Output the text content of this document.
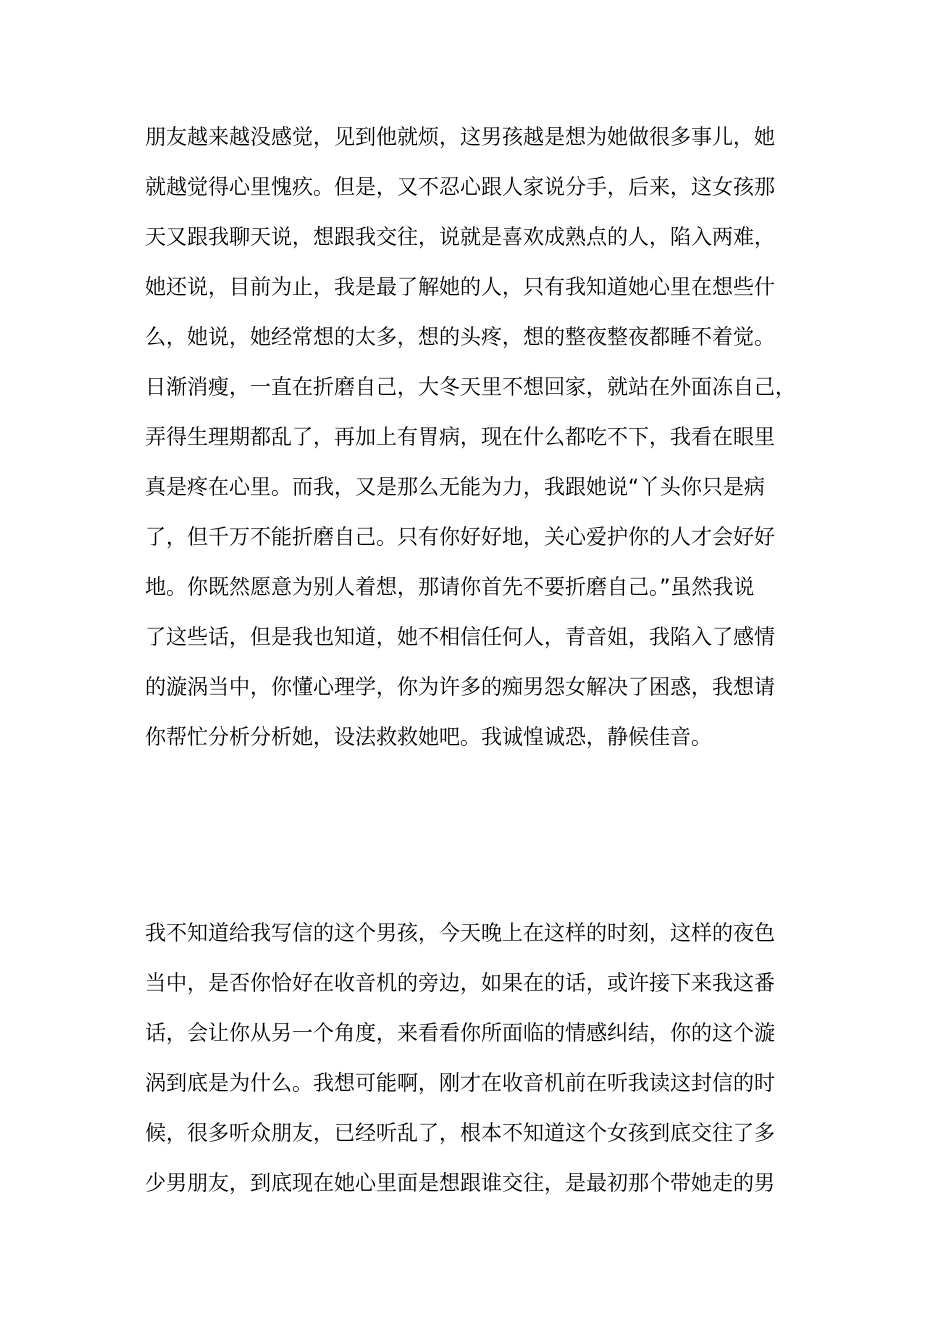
朋友越来越没感觉，见到他就烦，这男孩越是想为她做很多事儿，她
就越觉得心里愧疚。但是，又不忍心跟人家说分手，后来，这女孩那
天又跟我聊天说，想跟我交往，说就是喜欢成熟点的人，陷入两难，
她还说，目前为止，我是最了解她的人，只有我知道她心里在想些什
么，她说，她经常想的太多，想的头疼，想的整夜整夜都睡不着觉。
日渐消瘦，一直在折磨自己，大冬天里不想回家，就站在外面冻自己，
弄得生理期都乱了，再加上有胃病，现在什么都吃不下，我看在眼里
真是疼在心里。而我，又是那么无能为力，我跟她说“丫头你只是病
了，但千万不能折磨自己。只有你好好地，关心爱护你的人才会好好
地。你既然愿意为别人着想，那请你首先不要折磨自己。”虽然我说
了这些话，但是我也知道，她不相信任何人，青音姐，我陷入了感情
的漩涡当中，你懂心理学，你为许多的痴男怨女解决了困惑，我想请
你帮忙分析分析她，设法救救她吧。我诚惶诚恐，静候佳音。
我不知道给我写信的这个男孩，今天晚上在这样的时刻，这样的夜色
当中，是否你恰好在收音机的旁边，如果在的话，或许接下来我这番
话，会让你从另一个角度，来看看你所面临的情感纠结，你的这个漩
涡到底是为什么。我想可能啊，刚才在收音机前在听我读这封信的时
候，很多听众朋友，已经听乱了，根本不知道这个女孩到底交往了多
少男朋友，到底现在她心里面是想跟谁交往，是最初那个带她走的男
